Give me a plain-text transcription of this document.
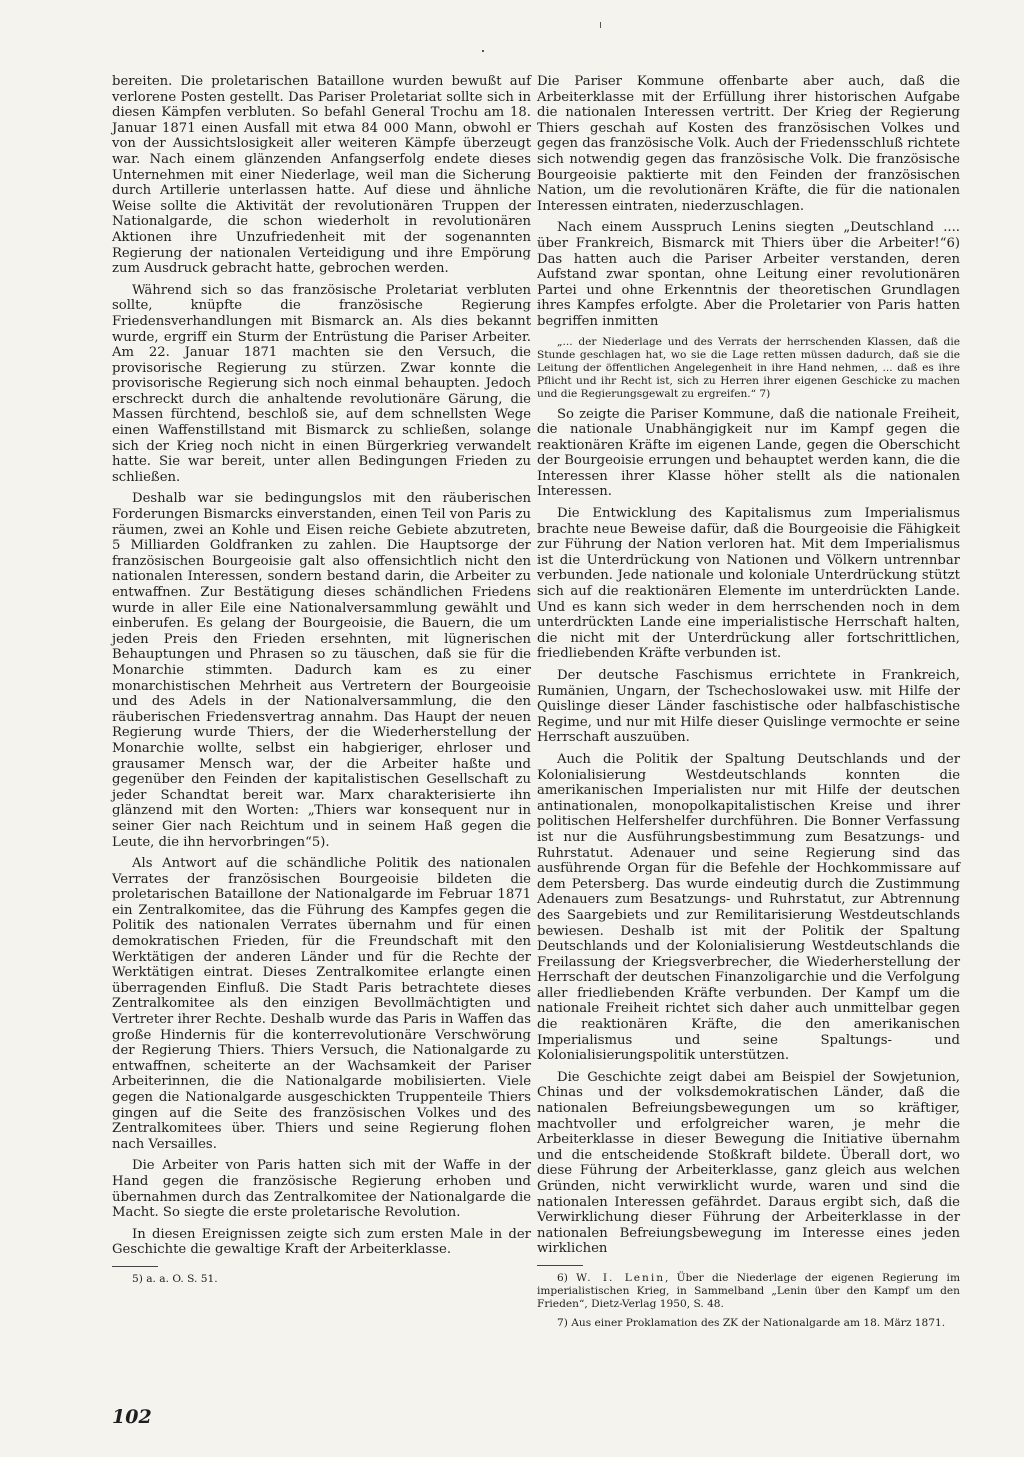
bereiten. Die proletarischen Bataillone wurden bewußt auf verlorene Posten gestellt. Das Pariser Proletariat sollte sich in diesen Kämpfen verbluten. So befahl General Trochu am 18. Januar 1871 einen Ausfall mit etwa 84 000 Mann, obwohl er von der Aussichtslosigkeit aller weiteren Kämpfe überzeugt war. Nach einem glänzenden Anfangserfolg endete dieses Unternehmen mit einer Niederlage, weil man die Sicherung durch Artillerie unterlassen hatte. Auf diese und ähnliche Weise sollte die Aktivität der revolutionären Truppen der Nationalgarde, die schon wiederholt in revolutionären Aktionen ihre Unzufriedenheit mit der sogenannten Regierung der nationalen Verteidigung und ihre Empörung zum Ausdruck gebracht hatte, gebrochen werden.

Während sich so das französische Proletariat verbluten sollte, knüpfte die französische Regierung Friedensverhandlungen mit Bismarck an. Als dies bekannt wurde, ergriff ein Sturm der Entrüstung die Pariser Arbeiter. Am 22. Januar 1871 machten sie den Versuch, die provisorische Regierung zu stürzen. Zwar konnte die provisorische Regierung sich noch einmal behaupten. Jedoch erschreckt durch die anhaltende revolutionäre Gärung, die Massen fürchtend, beschloß sie, auf dem schnellsten Wege einen Waffenstillstand mit Bismarck zu schließen, solange sich der Krieg noch nicht in einen Bürgerkrieg verwandelt hatte. Sie war bereit, unter allen Bedingungen Frieden zu schließen.

Deshalb war sie bedingungslos mit den räuberischen Forderungen Bismarcks einverstanden, einen Teil von Paris zu räumen, zwei an Kohle und Eisen reiche Gebiete abzutreten, 5 Milliarden Goldfranken zu zahlen. Die Hauptsorge der französischen Bourgeoisie galt also offensichtlich nicht den nationalen Interessen, sondern bestand darin, die Arbeiter zu entwaffnen. Zur Bestätigung dieses schändlichen Friedens wurde in aller Eile eine Nationalversammlung gewählt und einberufen. Es gelang der Bourgeoisie, die Bauern, die um jeden Preis den Frieden ersehnten, mit lügnerischen Behauptungen und Phrasen so zu täuschen, daß sie für die Monarchie stimmten. Dadurch kam es zu einer monarchistischen Mehrheit aus Vertretern der Bourgeoisie und des Adels in der Nationalversammlung, die den räuberischen Friedensvertrag annahm. Das Haupt der neuen Regierung wurde Thiers, der die Wiederherstellung der Monarchie wollte, selbst ein habgieriger, ehrloser und grausamer Mensch war, der die Arbeiter haßte und gegenüber den Feinden der kapitalistischen Gesellschaft zu jeder Schandtat bereit war. Marx charakterisierte ihn glänzend mit den Worten: „Thiers war konsequent nur in seiner Gier nach Reichtum und in seinem Haß gegen die Leute, die ihn hervorbringen“5).

Als Antwort auf die schändliche Politik des nationalen Verrates der französischen Bourgeoisie bildeten die proletarischen Bataillone der Nationalgarde im Februar 1871 ein Zentralkomitee, das die Führung des Kampfes gegen die Politik des nationalen Verrates übernahm und für einen demokratischen Frieden, für die Freundschaft mit den Werktätigen der anderen Länder und für die Rechte der Werktätigen eintrat. Dieses Zentralkomitee erlangte einen überragenden Einfluß. Die Stadt Paris betrachtete dieses Zentralkomitee als den einzigen Bevollmächtigten und Vertreter ihrer Rechte. Deshalb wurde das Paris in Waffen das große Hindernis für die konterrevolutionäre Verschwörung der Regierung Thiers. Thiers Versuch, die Nationalgarde zu entwaffnen, scheiterte an der Wachsamkeit der Pariser Arbeiterinnen, die die Nationalgarde mobilisierten. Viele gegen die Nationalgarde ausgeschickten Truppenteile Thiers gingen auf die Seite des französischen Volkes und des Zentralkomitees über. Thiers und seine Regierung flohen nach Versailles.

Die Arbeiter von Paris hatten sich mit der Waffe in der Hand gegen die französische Regierung erhoben und übernahmen durch das Zentralkomitee der Nationalgarde die Macht. So siegte die erste proletarische Revolution.

In diesen Ereignissen zeigte sich zum ersten Male in der Geschichte die gewaltige Kraft der Arbeiterklasse.

5) a. a. O. S. 51.

Die Pariser Kommune offenbarte aber auch, daß die Arbeiterklasse mit der Erfüllung ihrer historischen Aufgabe die nationalen Interessen vertritt. Der Krieg der Regierung Thiers geschah auf Kosten des französischen Volkes und gegen das französische Volk. Auch der Friedensschluß richtete sich notwendig gegen das französische Volk. Die französische Bourgeoisie paktierte mit den Feinden der französischen Nation, um die revolutionären Kräfte, die für die nationalen Interessen eintraten, niederzuschlagen.

Nach einem Ausspruch Lenins siegten „Deutschland .... über Frankreich, Bismarck mit Thiers über die Arbeiter!“6) Das hatten auch die Pariser Arbeiter verstanden, deren Aufstand zwar spontan, ohne Leitung einer revolutionären Partei und ohne Erkenntnis der theoretischen Grundlagen ihres Kampfes erfolgte. Aber die Proletarier von Paris hatten begriffen inmitten

„... der Niederlage und des Verrats der herrschenden Klassen, daß die Stunde geschlagen hat, wo sie die Lage retten müssen dadurch, daß sie die Leitung der öffentlichen Angelegenheit in ihre Hand nehmen, ... daß es ihre Pflicht und ihr Recht ist, sich zu Herren ihrer eigenen Geschicke zu machen und die Regierungsgewalt zu ergreifen.“ 7)

So zeigte die Pariser Kommune, daß die nationale Freiheit, die nationale Unabhängigkeit nur im Kampf gegen die reaktionären Kräfte im eigenen Lande, gegen die Oberschicht der Bourgeoisie errungen und behauptet werden kann, die die Interessen ihrer Klasse höher stellt als die nationalen Interessen.

Die Entwicklung des Kapitalismus zum Imperialismus brachte neue Beweise dafür, daß die Bourgeoisie die Fähigkeit zur Führung der Nation verloren hat. Mit dem Imperialismus ist die Unterdrückung von Nationen und Völkern untrennbar verbunden. Jede nationale und koloniale Unterdrückung stützt sich auf die reaktionären Elemente im unterdrückten Lande. Und es kann sich weder in dem herrschenden noch in dem unterdrückten Lande eine imperialistische Herrschaft halten, die nicht mit der Unterdrückung aller fortschrittlichen, friedliebenden Kräfte verbunden ist.

Der deutsche Faschismus errichtete in Frankreich, Rumänien, Ungarn, der Tschechoslowakei usw. mit Hilfe der Quislinge dieser Länder faschistische oder halbfaschistische Regime, und nur mit Hilfe dieser Quislinge vermochte er seine Herrschaft auszuüben.

Auch die Politik der Spaltung Deutschlands und der Kolonialisierung Westdeutschlands konnten die amerikanischen Imperialisten nur mit Hilfe der deutschen antinationalen, monopolkapitalistischen Kreise und ihrer politischen Helfershelfer durchführen. Die Bonner Verfassung ist nur die Ausführungsbestimmung zum Besatzungs- und Ruhrstatut. Adenauer und seine Regierung sind das ausführende Organ für die Befehle der Hochkommissare auf dem Petersberg. Das wurde eindeutig durch die Zustimmung Adenauers zum Besatzungs- und Ruhrstatut, zur Abtrennung des Saargebiets und zur Remilitarisierung Westdeutschlands bewiesen. Deshalb ist mit der Politik der Spaltung Deutschlands und der Kolonialisierung Westdeutschlands die Freilassung der Kriegsverbrecher, die Wiederherstellung der Herrschaft der deutschen Finanzoligarchie und die Verfolgung aller friedliebenden Kräfte verbunden. Der Kampf um die nationale Freiheit richtet sich daher auch unmittelbar gegen die reaktionären Kräfte, die den amerikanischen Imperialismus und seine Spaltungs- und Kolonialisierungspolitik unterstützen.

Die Geschichte zeigt dabei am Beispiel der Sowjetunion, Chinas und der volksdemokratischen Länder, daß die nationalen Befreiungsbewegungen um so kräftiger, machtvoller und erfolgreicher waren, je mehr die Arbeiterklasse in dieser Bewegung die Initiative übernahm und die entscheidende Stoßkraft bildete. Überall dort, wo diese Führung der Arbeiterklasse, ganz gleich aus welchen Gründen, nicht verwirklicht wurde, waren und sind die nationalen Interessen gefährdet. Daraus ergibt sich, daß die Verwirklichung dieser Führung der Arbeiterklasse in der nationalen Befreiungsbewegung im Interesse eines jeden wirklichen

6) W. I. Lenin, Über die Niederlage der eigenen Regierung im imperialistischen Krieg, in Sammelband „Lenin über den Kampf um den Frieden“, Dietz-Verlag 1950, S. 48.

7) Aus einer Proklamation des ZK der Nationalgarde am 18. März 1871.

102
